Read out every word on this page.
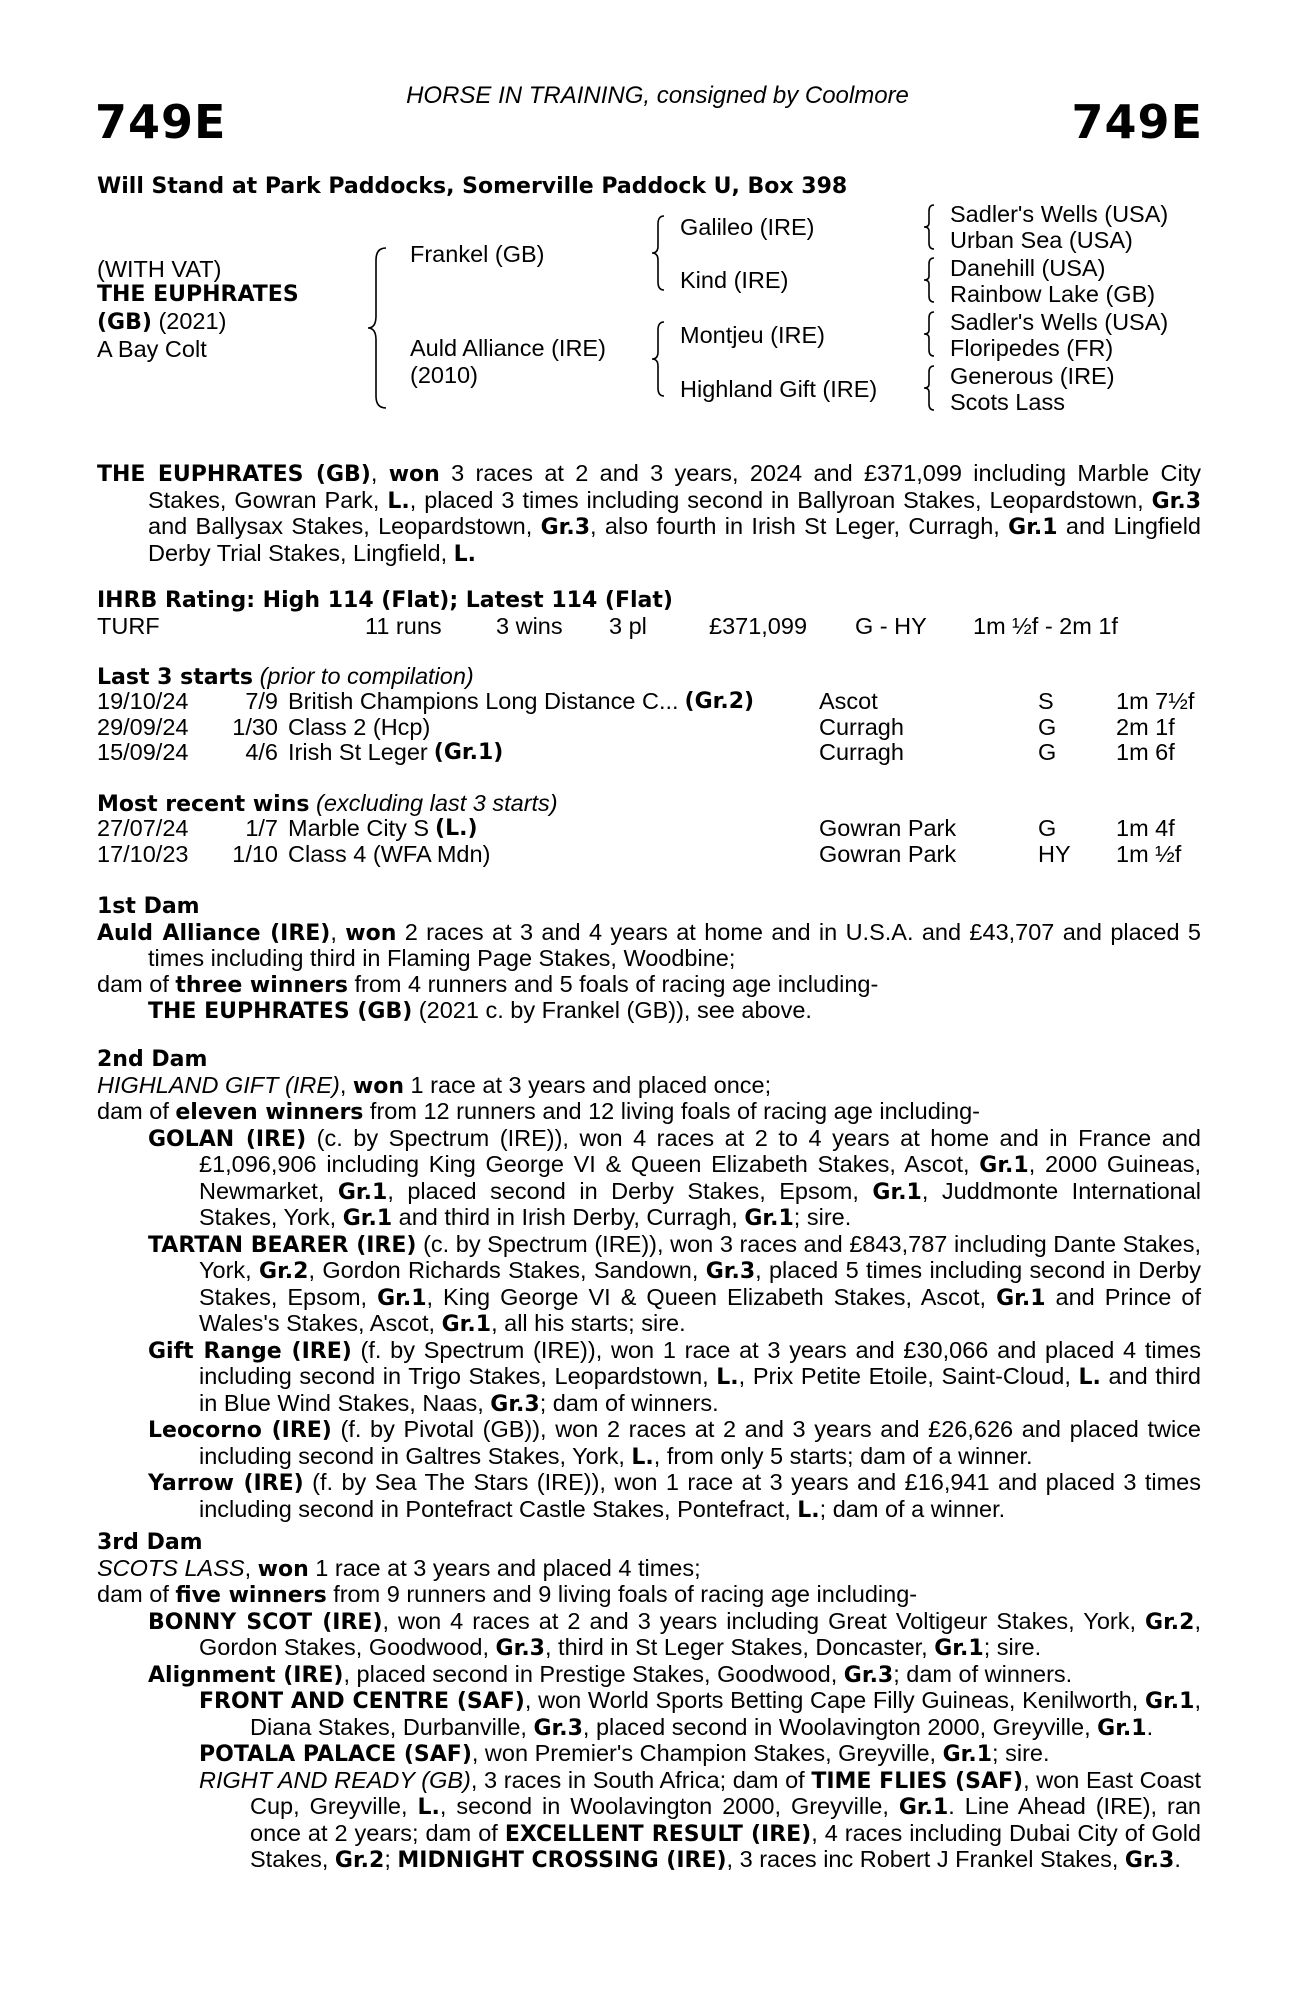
HORSE IN TRAINING, consigned by Coolmore
749E	749E
Will Stand at Park Paddocks, Somerville Paddock U, Box 398
(WITH VAT)
THE EUPHRATES
(GB) (2021)
A Bay Colt
Frankel (GB)
Auld Alliance (IRE)
(2010)
Galileo (IRE)
Kind (IRE)
Montjeu (IRE)
Highland Gift (IRE)
Sadler's Wells (USA)
Urban Sea (USA)
Danehill (USA)
Rainbow Lake (GB)
Sadler's Wells (USA)
Floripedes (FR)
Generous (IRE)
Scots Lass

THE EUPHRATES (GB), won 3 races at 2 and 3 years, 2024 and £371,099 including Marble City Stakes, Gowran Park, L., placed 3 times including second in Ballyroan Stakes, Leopardstown, Gr.3 and Ballysax Stakes, Leopardstown, Gr.3, also fourth in Irish St Leger, Curragh, Gr.1 and Lingfield Derby Trial Stakes, Lingfield, L.

IHRB Rating: High 114 (Flat); Latest 114 (Flat)
TURF	11 runs 3 wins 3 pl	£371,099 G - HY 1m ½f - 2m 1f
Last 3 starts (prior to compilation)
19/10/24	7/9 British Champions Long Distance C... (Gr.2)	Ascot	S	1m 7½f
29/09/24 1/30 Class 2 (Hcp)	Curragh	G	2m 1f
15/09/24	4/6 Irish St Leger (Gr.1)	Curragh	G	1m 6f
Most recent wins (excluding last 3 starts)
27/07/24	1/7 Marble City S (L.)	Gowran Park	G	1m 4f
17/10/23 1/10 Class 4 (WFA Mdn)	Gowran Park	HY 1m ½f

1st Dam

Auld Alliance (IRE), won 2 races at 3 and 4 years at home and in U.S.A. and £43,707 and placed 5 times including third in Flaming Page Stakes, Woodbine;

dam of three winners from 4 runners and 5 foals of racing age including-

THE EUPHRATES (GB) (2021 c. by Frankel (GB)), see above.

2nd Dam

HIGHLAND GIFT (IRE), won 1 race at 3 years and placed once;

dam of eleven winners from 12 runners and 12 living foals of racing age including-

GOLAN (IRE) (c. by Spectrum (IRE)), won 4 races at 2 to 4 years at home and in France and £1,096,906 including King George VI & Queen Elizabeth Stakes, Ascot, Gr.1, 2000 Guineas, Newmarket, Gr.1, placed second in Derby Stakes, Epsom, Gr.1, Juddmonte International Stakes, York, Gr.1 and third in Irish Derby, Curragh, Gr.1; sire.

TARTAN BEARER (IRE) (c. by Spectrum (IRE)), won 3 races and £843,787 including Dante Stakes, York, Gr.2, Gordon Richards Stakes, Sandown, Gr.3, placed 5 times including second in Derby Stakes, Epsom, Gr.1, King George VI & Queen Elizabeth Stakes, Ascot, Gr.1 and Prince of Wales's Stakes, Ascot, Gr.1, all his starts; sire.

Gift Range (IRE) (f. by Spectrum (IRE)), won 1 race at 3 years and £30,066 and placed 4 times including second in Trigo Stakes, Leopardstown, L., Prix Petite Etoile, Saint-Cloud, L. and third in Blue Wind Stakes, Naas, Gr.3; dam of winners.

Leocorno (IRE) (f. by Pivotal (GB)), won 2 races at 2 and 3 years and £26,626 and placed twice including second in Galtres Stakes, York, L., from only 5 starts; dam of a winner.

Yarrow (IRE) (f. by Sea The Stars (IRE)), won 1 race at 3 years and £16,941 and placed 3 times including second in Pontefract Castle Stakes, Pontefract, L.; dam of a winner.

3rd Dam

SCOTS LASS, won 1 race at 3 years and placed 4 times;

dam of five winners from 9 runners and 9 living foals of racing age including-

BONNY SCOT (IRE), won 4 races at 2 and 3 years including Great Voltigeur Stakes, York, Gr.2, Gordon Stakes, Goodwood, Gr.3, third in St Leger Stakes, Doncaster, Gr.1; sire.

Alignment (IRE), placed second in Prestige Stakes, Goodwood, Gr.3; dam of winners.

FRONT AND CENTRE (SAF), won World Sports Betting Cape Filly Guineas, Kenilworth, Gr.1, Diana Stakes, Durbanville, Gr.3, placed second in Woolavington 2000, Greyville, Gr.1.

POTALA PALACE (SAF), won Premier's Champion Stakes, Greyville, Gr.1; sire.

RIGHT AND READY (GB), 3 races in South Africa; dam of TIME FLIES (SAF), won East Coast Cup, Greyville, L., second in Woolavington 2000, Greyville, Gr.1. Line Ahead (IRE), ran once at 2 years; dam of EXCELLENT RESULT (IRE), 4 races including Dubai City of Gold Stakes, Gr.2; MIDNIGHT CROSSING (IRE), 3 races inc Robert J Frankel Stakes, Gr.3.
